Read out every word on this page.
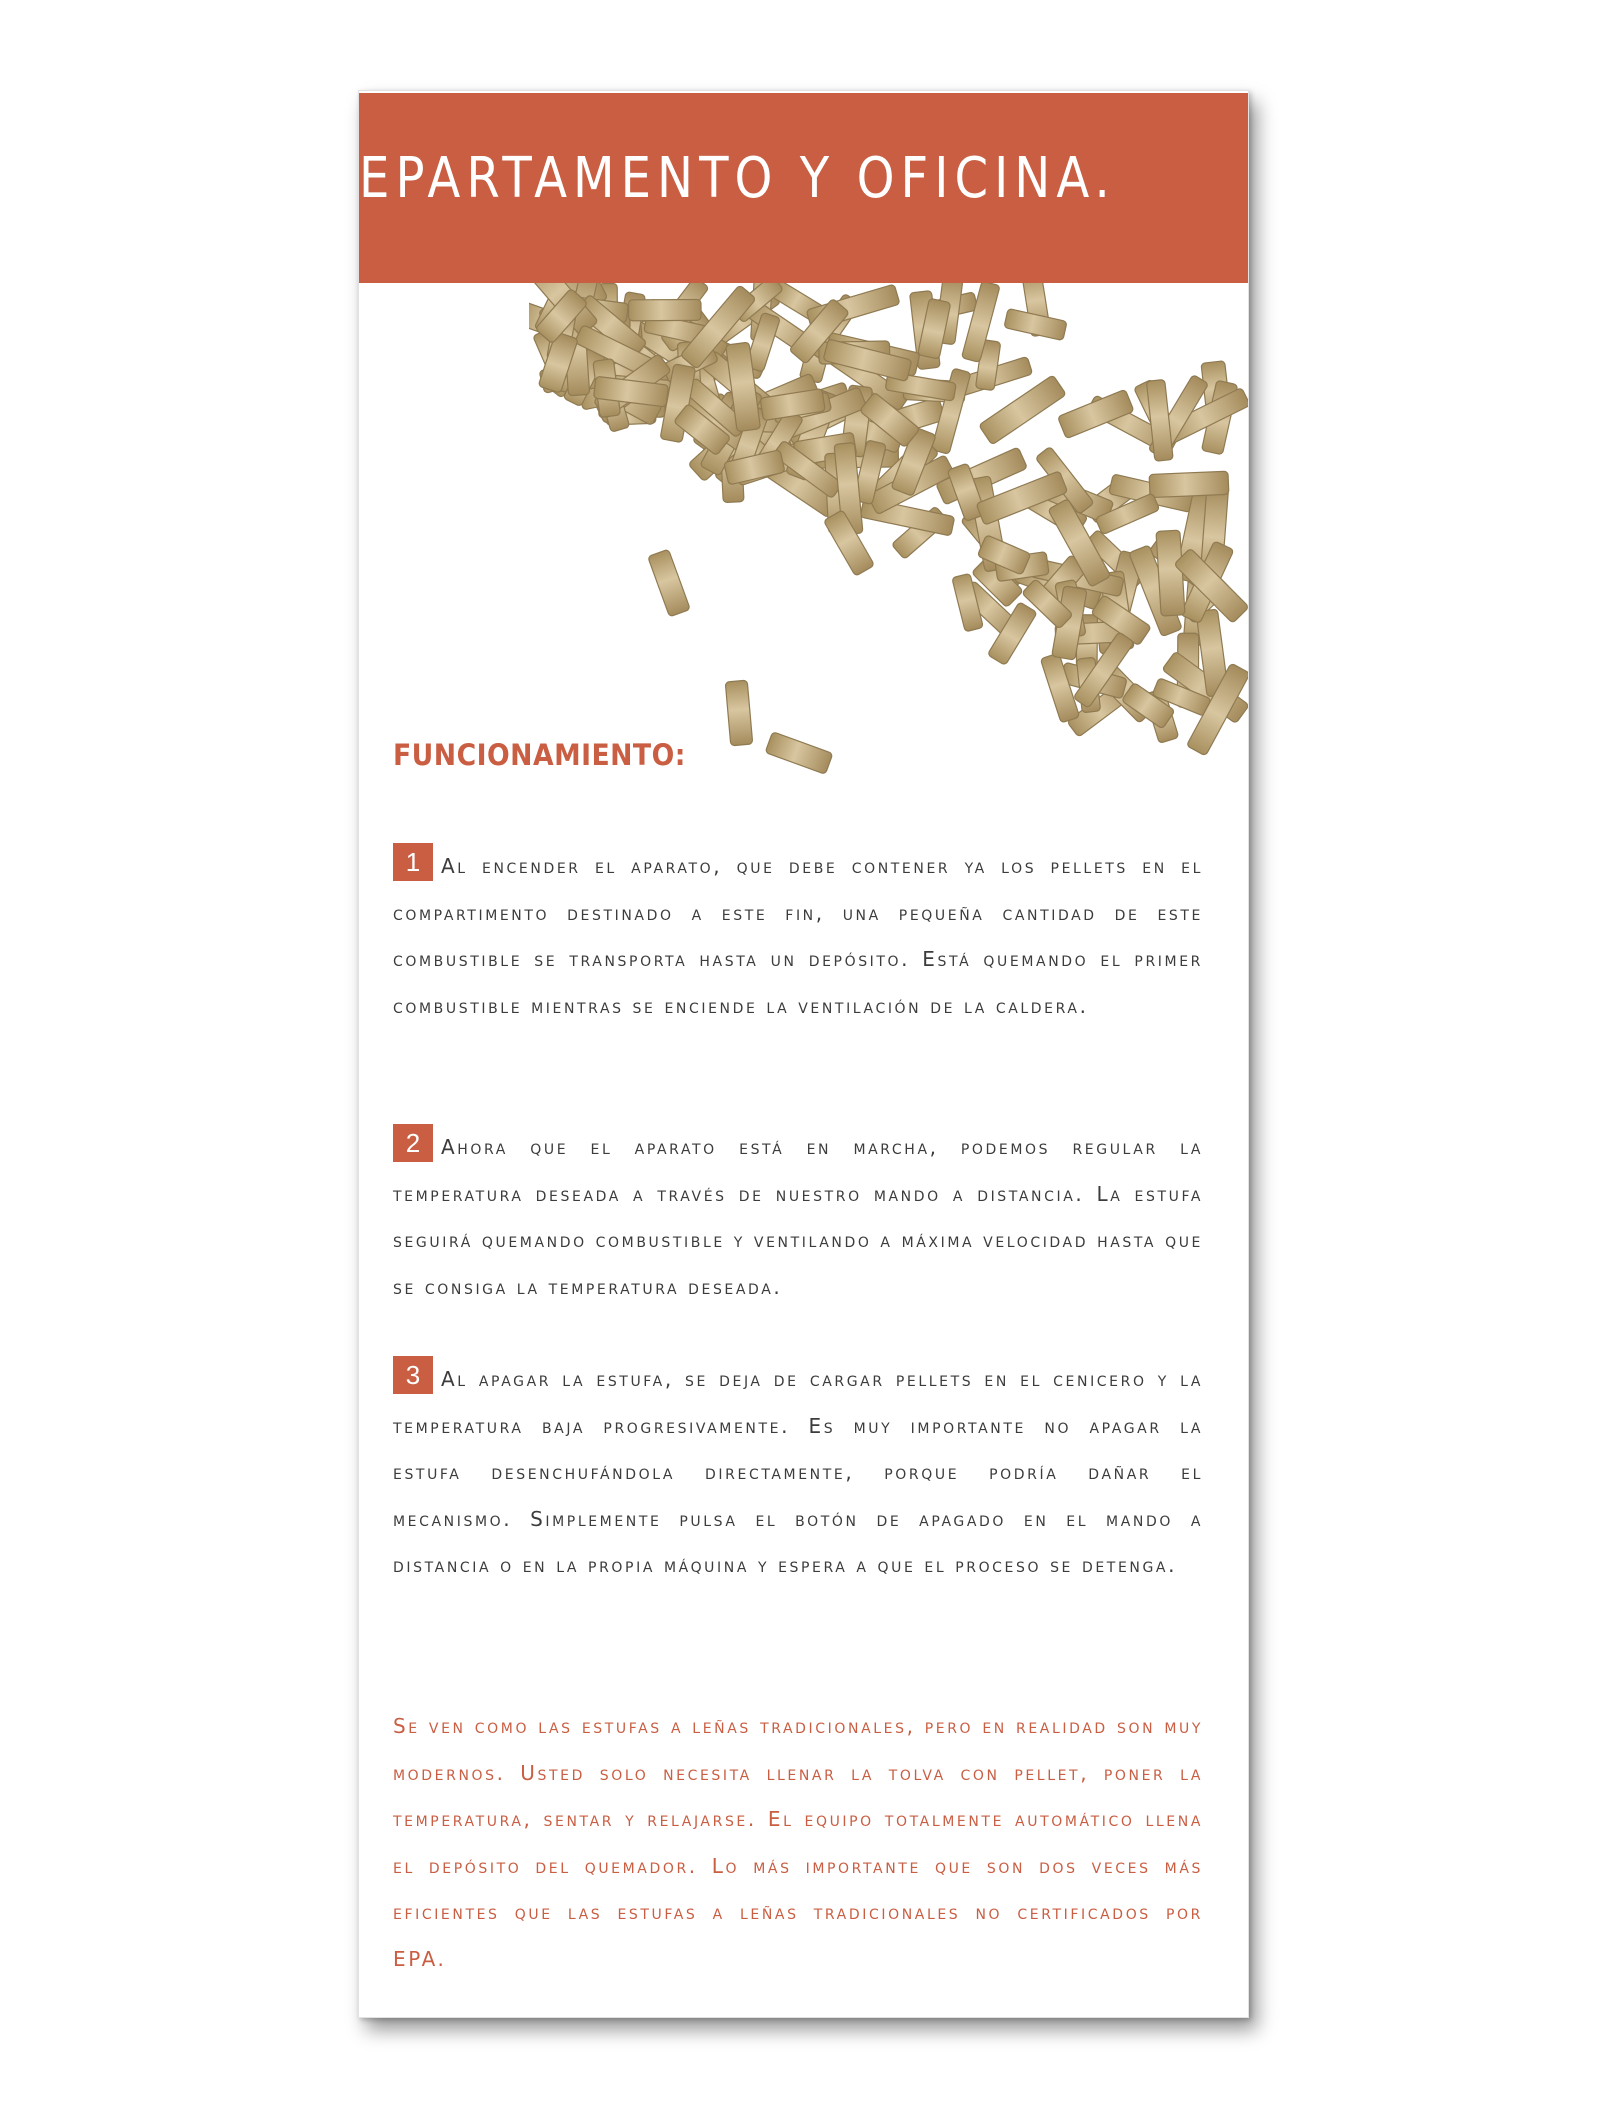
EPARTAMENTO Y OFICINA.
FUNCIONAMIENTO:

1 Al encender el aparato, que debe contener ya los pellets en el compartimento destinado a este fin, una pequeña cantidad de este combustible se transporta hasta un depósito. Está quemando el primer combustible mientras se enciende la ventilación de la caldera.

2 Ahora que el aparato está en marcha, podemos regular la temperatura deseada a través de nuestro mando a distancia. La estufa seguirá quemando combustible y ventilando a máxima velocidad hasta que se consiga la temperatura deseada.

3 Al apagar la estufa, se deja de cargar pellets en el cenicero y la temperatura baja progresivamente. Es muy importante no apagar la estufa desenchufándola directamente, porque podría dañar el mecanismo. Simplemente pulsa el botón de apagado en el mando a distancia o en la propia máquina y espera a que el proceso se detenga.

Se ven como las estufas a leñas tradicionales, pero en realidad son muy modernos. Usted solo necesita llenar la tolva con pellet, poner la temperatura, sentar y relajarse. El equipo totalmente automático llena el depósito del quemador. Lo más importante que son dos veces más eficientes que las estufas a leñas tradicionales no certificados por EPA.
